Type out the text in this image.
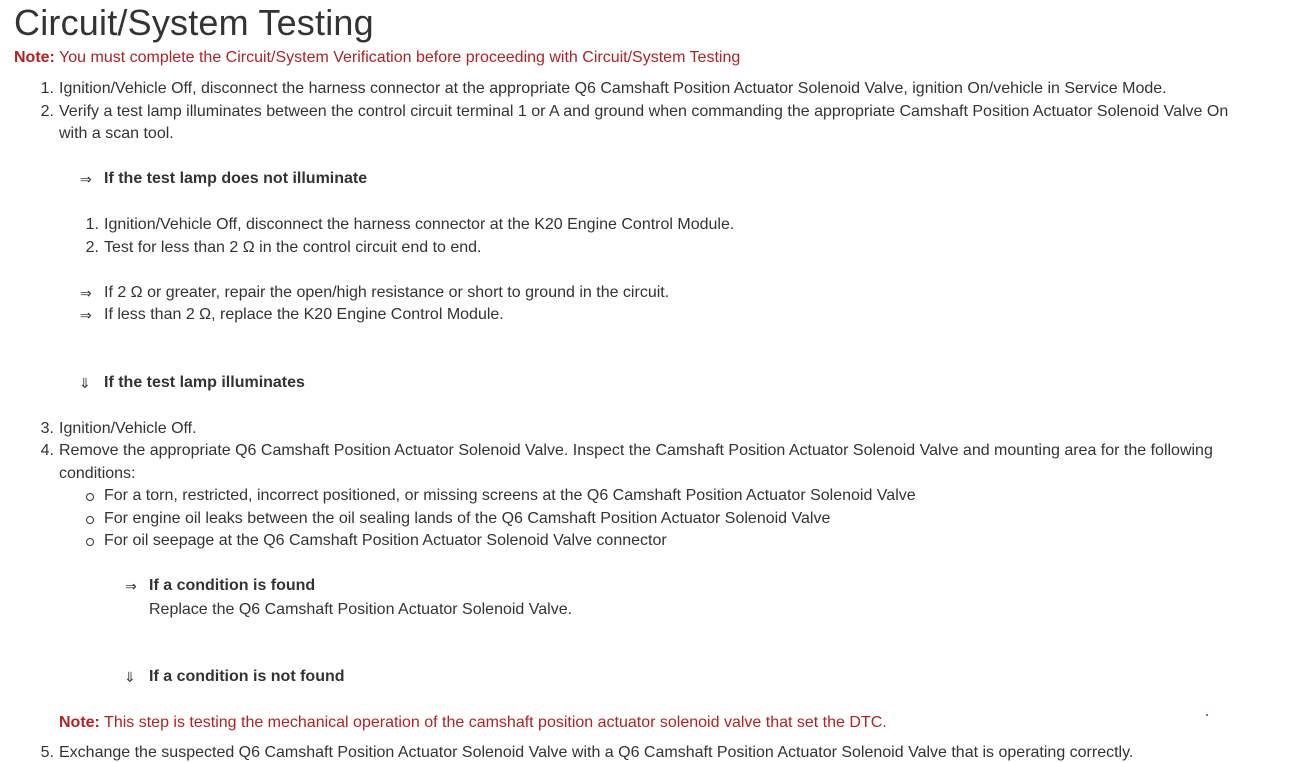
Circuit/System Testing
Note: You must complete the Circuit/System Verification before proceeding with Circuit/System Testing
1. Ignition/Vehicle Off, disconnect the harness connector at the appropriate Q6 Camshaft Position Actuator Solenoid Valve, ignition On/vehicle in Service Mode.
2. Verify a test lamp illuminates between the control circuit terminal 1 or A and ground when commanding the appropriate Camshaft Position Actuator Solenoid Valve On
with a scan tool.
⇒ If the test lamp does not illuminate
1. Ignition/Vehicle Off, disconnect the harness connector at the K20 Engine Control Module.
2. Test for less than 2 Ω in the control circuit end to end.
⇒ If 2 Ω or greater, repair the open/high resistance or short to ground in the circuit.
⇒ If less than 2 Ω, replace the K20 Engine Control Module.
⇓ If the test lamp illuminates
3. Ignition/Vehicle Off.
4. Remove the appropriate Q6 Camshaft Position Actuator Solenoid Valve. Inspect the Camshaft Position Actuator Solenoid Valve and mounting area for the following
conditions:
For a torn, restricted, incorrect positioned, or missing screens at the Q6 Camshaft Position Actuator Solenoid Valve
For engine oil leaks between the oil sealing lands of the Q6 Camshaft Position Actuator Solenoid Valve
For oil seepage at the Q6 Camshaft Position Actuator Solenoid Valve connector
⇒ If a condition is found
Replace the Q6 Camshaft Position Actuator Solenoid Valve.
⇓ If a condition is not found
Note: This step is testing the mechanical operation of the camshaft position actuator solenoid valve that set the DTC.
5. Exchange the suspected Q6 Camshaft Position Actuator Solenoid Valve with a Q6 Camshaft Position Actuator Solenoid Valve that is operating correctly.
